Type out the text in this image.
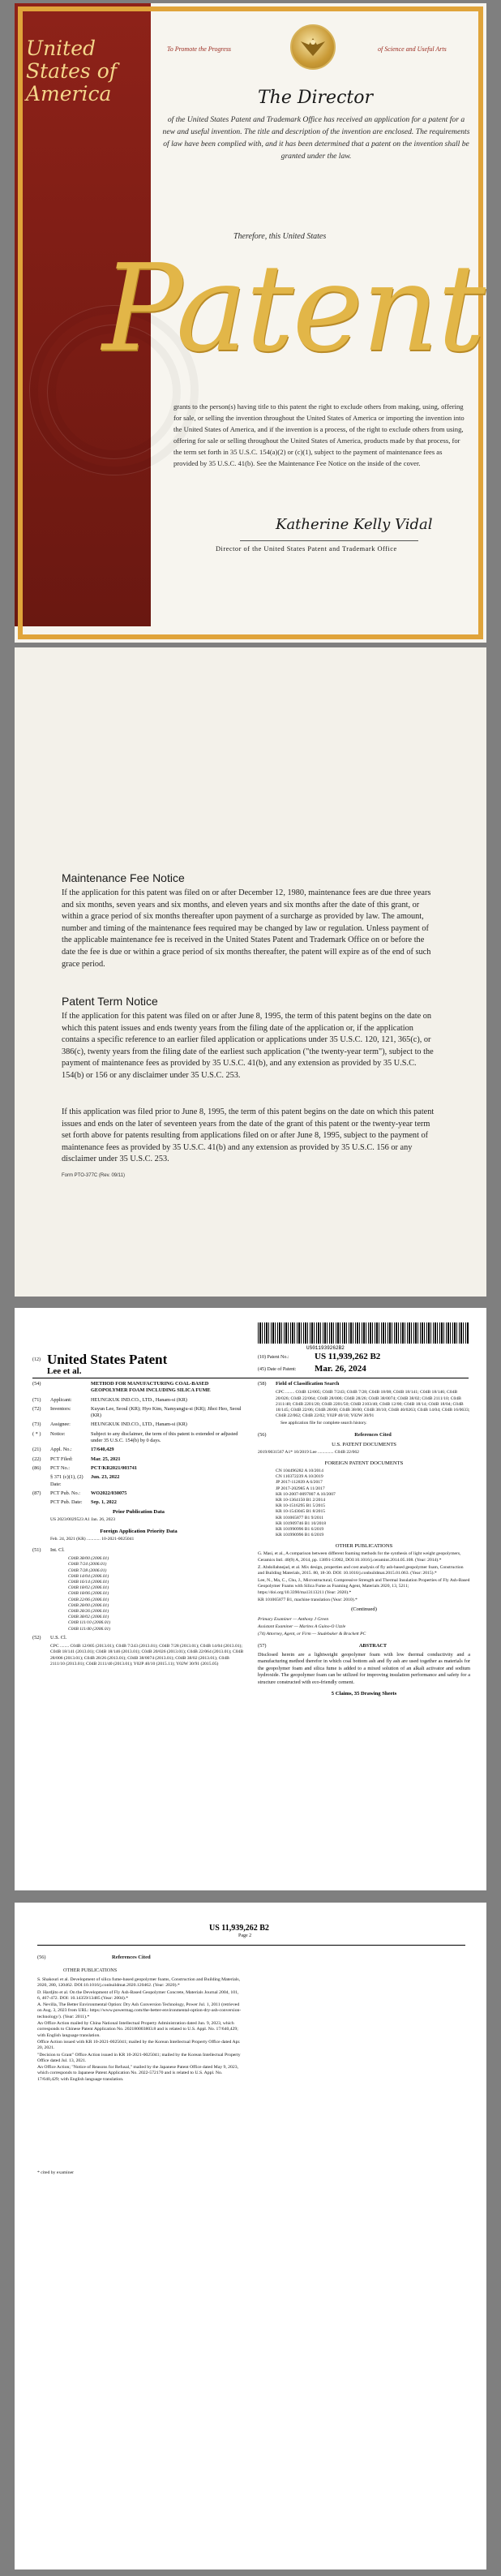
United States of America
To Promote the Progress	of Science and Useful Arts
The Director
of the United States Patent and Trademark Office has received an application for a patent for a new and useful invention. The title and description of the invention are enclosed. The requirements of law have been complied with, and it has been determined that a patent on the invention shall be granted under the law.
Therefore, this United States
Patent
grants to the person(s) having title to this patent the right to exclude others from making, using, offering for sale, or selling the invention throughout the United States of America or importing the invention into the United States of America, and if the invention is a process, of the right to exclude others from using, offering for sale or selling throughout the United States of America, products made by that process, for the term set forth in 35 U.S.C. 154(a)(2) or (c)(1), subject to the payment of maintenance fees as provided by 35 U.S.C. 41(b). See the Maintenance Fee Notice on the inside of the cover.
Katherine Kelly Vidal
Director of the United States Patent and Trademark Office
Maintenance Fee Notice

If the application for this patent was filed on or after December 12, 1980, maintenance fees are due three years and six months, seven years and six months, and eleven years and six months after the date of this grant, or within a grace period of six months thereafter upon payment of a surcharge as provided by law. The amount, number and timing of the maintenance fees required may be changed by law or regulation. Unless payment of the applicable maintenance fee is received in the United States Patent and Trademark Office on or before the date the fee is due or within a grace period of six months thereafter, the patent will expire as of the end of such grace period.

Patent Term Notice

If the application for this patent was filed on or after June 8, 1995, the term of this patent begins on the date on which this patent issues and ends twenty years from the filing date of the application or, if the application contains a specific reference to an earlier filed application or applications under 35 U.S.C. 120, 121, 365(c), or 386(c), twenty years from the filing date of the earliest such application ("the twenty-year term"), subject to the payment of maintenance fees as provided by 35 U.S.C. 41(b), and any extension as provided by 35 U.S.C. 154(b) or 156 or any disclaimer under 35 U.S.C. 253.

If this application was filed prior to June 8, 1995, the term of this patent begins on the date on which this patent issues and ends on the later of seventeen years from the date of the grant of this patent or the twenty-year term set forth above for patents resulting from applications filed on or after June 8, 1995, subject to the payment of maintenance fees as provided by 35 U.S.C. 41(b) and any extension as provided by 35 U.S.C. 156 or any disclaimer under 35 U.S.C. 253.

Form PTO-377C (Rev. 09/11)
US011939262B2
(12) United States Patent
Lee et al.
(10) Patent No.:	US 11,939,262 B2
(45) Date of Patent: Mar. 26, 2024
(54)	METHOD FOR MANUFACTURING COAL-BASED GEOPOLYMER FOAM INCLUDING SILICA FUME
(71)	Applicant:	HEUNGKUK IND.CO., LTD., Hanam-si (KR)
(72)	Inventors:	Kuyun Lee, Seoul (KR); Hyo Kim, Namyangju-si (KR); Jihoi Heo, Seoul (KR)
(73)	Assignee:	HEUNGKUK IND.CO., LTD., Hanam-si (KR)
( * )	Notice:	Subject to any disclaimer, the term of this patent is extended or adjusted under 35 U.S.C. 154(b) by 0 days.
(21)	Appl. No.:	17/640,429
(22)	PCT Filed:	Mar. 25, 2021
(86)	PCT No.:	PCT/KR2021/003741
§ 371 (c)(1), (2) Date:
Jun. 23, 2022
(87)	PCT Pub. No.:	WO2022/030075
PCT Pub. Date:	Sep. 1, 2022
Prior Publication Data
US 2023/0029523 A1 Jan. 26, 2023
Foreign Application Priority Data
Feb. 24, 2021 (KR) ............ 10-2021-0025041
(51)	Int. Cl.
C04B 38/00 (2006.01)
C04B 7/24 (2006.01)
C04B 7/28 (2006.01)
C04B 14/04 (2006.01)
C04B 16/14 (2006.01)
C04B 18/02 (2006.01)
C04B 18/06 (2006.01)
C04B 22/06 (2006.01)
C04B 28/00 (2006.01)
C04B 28/26 (2006.01)
C04B 38/02 (2006.01)
C04B 111/10 (2006.01)
C04B 111/40 (2006.01)
(52)	U.S. Cl.
CPC ........ C04B 12/005 (2013.01); C04B 7/243 (2013.01); C04B 7/28 (2013.01); C04B 14/04 (2013.01); C04B 18/141 (2013.01); C04B 18/146 (2013.01); C04B 20/026 (2013.01); C04B 22/064 (2013.01); C04B 28/006 (2013.01); C04B 28/26 (2013.01); C04B 38/0074 (2013.01); C04B 38/02 (2013.01); C04B 2111/10 (2013.01); C04B 2111/40 (2013.01); Y02P 40/10 (2015.11); Y02W 30/91 (2015.05)
(58)	Field of Classification Search
CPC ........ C04B 12/005; C04B 7/243; C04B 7/28; C04B 18/08; C04B 18/141; C04B 18/146; C04B 20/026; C04B 22/064; C04B 28/006; C04B 28/26; C04B 38/0074; C04B 38/02; C04B 2111/10; C04B 2111/40; C04B 2201/20; C04B 2201/50; C04B 2103/40; C04B 12/00; C04B 18/14; C04B 18/04; C04B 18/145; C04B 22/06; C04B 28/00; C04B 38/00; C04B 38/10; C04B 40/0263; C04B 14/04; C04B 16/0633; C04B 22/062; C04B 22/02; Y02P 40/10; Y02W 30/91
See application file for complete search history.
(56)	References Cited
U.S. PATENT DOCUMENTS
2019/0031567 A1* 10/2019 Lee .............. C04B 22/062
FOREIGN PATENT DOCUMENTS
CN 104496282 A 10/2014
CN 110372239 A 10/2019
JP 2017-112839 A 6/2017
JP 2017-202985 A 11/2017
KR 10-2007-0097007 A 10/2007
KR 10-1364150 B1 2/2014
KR 10-1516295 B1 5/2015
KR 10-1543045 B1 8/2015
KR 101065877 B1 9/2011
KR 101909746 B1 10/2018
KR 101990996 B1 6/2019
KR 101990996 B1 6/2019
OTHER PUBLICATIONS
G. Masi, et al., A comparison between different foaming methods for the synthesis of light weight geopolymers, Ceramics Intl. 40(9) A, 2014, pp. 13891-13902, DOI:10.1016/j.ceramint.2014.05.108. (Year: 2014).*
Z. Abdollahnejad, et al. Mix design, properties and cost analysis of fly ash-based geopolymer foam, Construction and Building Materials, 2015. 80, 18-30. DOI: 10.1016/j.conbuildmat.2015.01.063. (Year: 2015).*
Lee, N., Ma, C., Chu, J., Microstructural, Compressive Strength and Thermal Insulation Properties of Fly Ash-Based Geopolymer Foams with Silica Fume as Foaming Agent, Materials 2020, 13, 5211; https://doi.org/10.3390/ma13113211 (Year: 2020).*
KR 101065877 B1, machine translation (Year: 2010).*
(Continued)
Primary Examiner — Anthony J Green
Assistant Examiner — Marites A Guino-O Uzzle
(74) Attorney, Agent, or Firm — Studebaker & Brackett PC
(57)	ABSTRACT
Disclosed herein are a lightweight geopolymer foam with low thermal conductivity and a manufacturing method therefor in which coal bottom ash and fly ash are used together as materials for the geopolymer foam and silica fume is added to a mixed solution of an alkali activator and sodium hydroxide. The geopolymer foam can be utilized for improving insulation performance and safety for a structure constructed with eco-friendly cement.
5 Claims, 35 Drawing Sheets
US 11,939,262 B2
Page 2
(56)	References Cited
OTHER PUBLICATIONS
S. Shakouri et al. Development of silica fume-based geopolymer foams, Construction and Building Materials, 2020, 280, 120462. DOI:10.1016/j.conbuildmat.2020.120462. (Year: 2020).*
D. Hardjito et al. On the Development of Fly Ash-Based Geopolymer Concrete, Materials Journal 2004, 101, 6, 467-472. DOI: 10.14359/13485 (Year: 2004).*
A. Nevilla, The Better Environmental Option: Dry Ash Conversion Technology, Power Jul. 1, 2011 (retrieved on Aug. 3, 2023 from URL: https://www.powermag.com/the-better-environmental-option-dry-ash-conversion-technology/). (Year: 2011).*
An Office Action mailed by China National Intellectual Property Administration dated Jun. 9, 2023, which corresponds to Chinese Patent Application No. 202180003803.8 and is related to U.S. Appl. No. 17/640,429; with English language translation.
Office Action issued with KR 10-2021-0025041; mailed by the Korean Intellectual Property Office dated Apr. 20, 2021.
"Decision to Grant" Office Action issued in KR 10-2021-0025041; mailed by the Korean Intellectual Property Office dated Jul. 13, 2021.
An Office Action; "Notice of Reasons for Refusal," mailed by the Japanese Patent Office dated May 9, 2023, which corresponds to Japanese Patent Application No. 2022-572170 and is related to U.S. Appl. No. 17/640,429; with English language translation.
* cited by examiner
